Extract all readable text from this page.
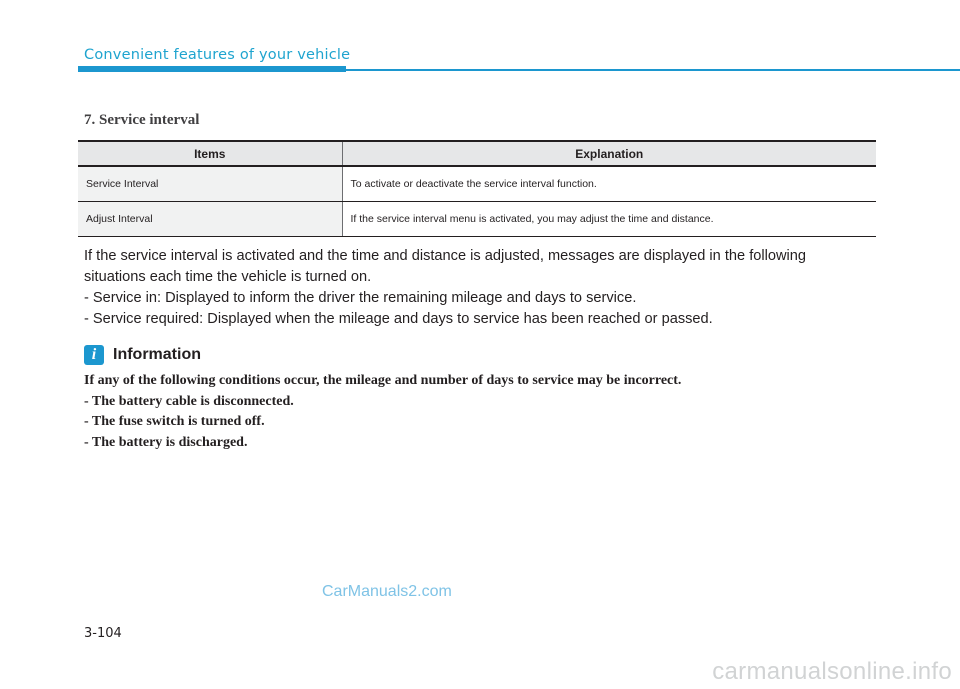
Convenient features of your vehicle
7. Service interval
Items	Explanation
Service Interval	To activate or deactivate the service interval function.
Adjust Interval	If the service interval menu is activated, you may adjust the time and distance.
If the service interval is activated and the time and distance is adjusted, messages are displayed in the following
situations each time the vehicle is turned on.
- Service in: Displayed to inform the driver the remaining mileage and days to service.
- Service required: Displayed when the mileage and days to service has been reached or passed.
i	Information
If any of the following conditions occur, the mileage and number of days to service may be incorrect.
- The battery cable is disconnected.
- The fuse switch is turned off.
- The battery is discharged.
CarManuals2.com
3-104
carmanualsonline.info
